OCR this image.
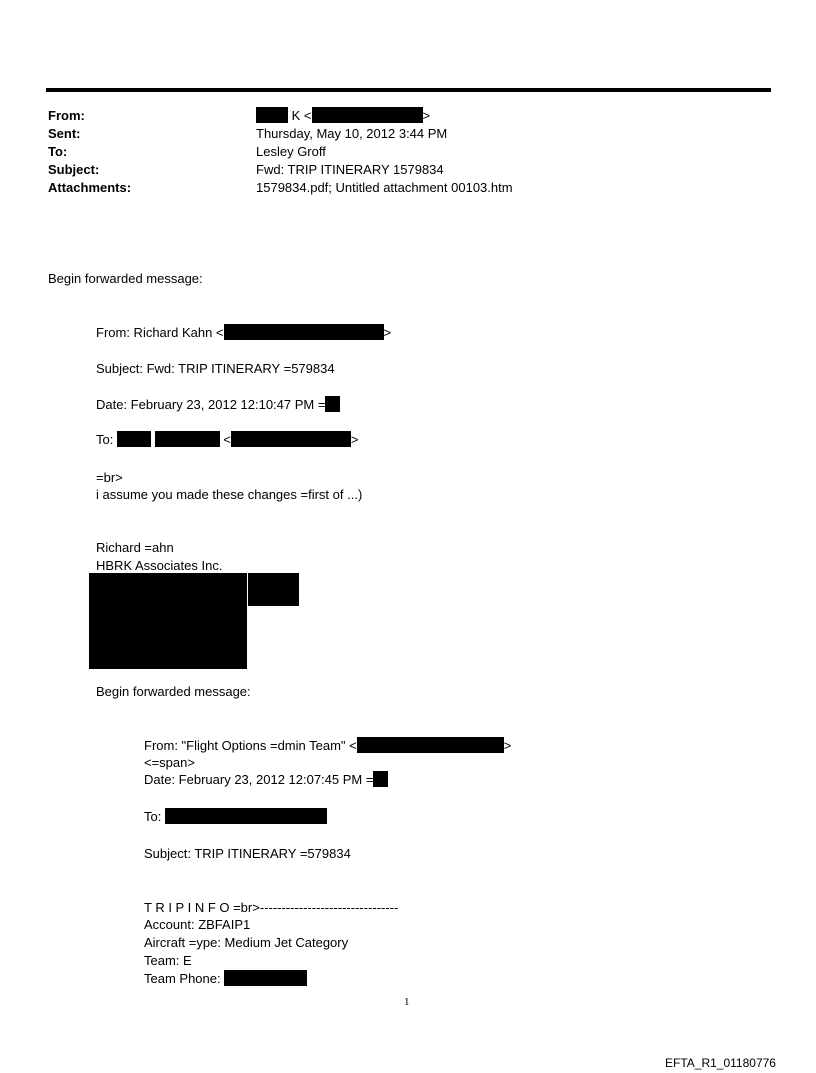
From:	K <	>
Sent:	Thursday, May 10, 2012 3:44 PM
To:	Lesley Groff
Subject:	Fwd: TRIP ITINERARY 1579834
Attachments:	1579834.pdf; Untitled attachment 00103.htm
Begin forwarded message:
From: Richard Kahn <	>
Subject: Fwd: TRIP ITINERARY =579834
Date: February 23, 2012 12:10:47 PM =
To:	<	>
=br>
i assume you made these changes =first of ...)
Richard =ahn
HBRK Associates Inc.
Begin forwarded message:
From: "Flight Options =dmin Team" <	>
<=span>
Date: February 23, 2012 12:07:45 PM =
To:
Subject: TRIP ITINERARY =579834
T R I P I N F O =br>--------------------------------
Account: ZBFAIP1
Aircraft =ype: Medium Jet Category
Team: E
Team Phone:
1
EFTA_R1_01180776
